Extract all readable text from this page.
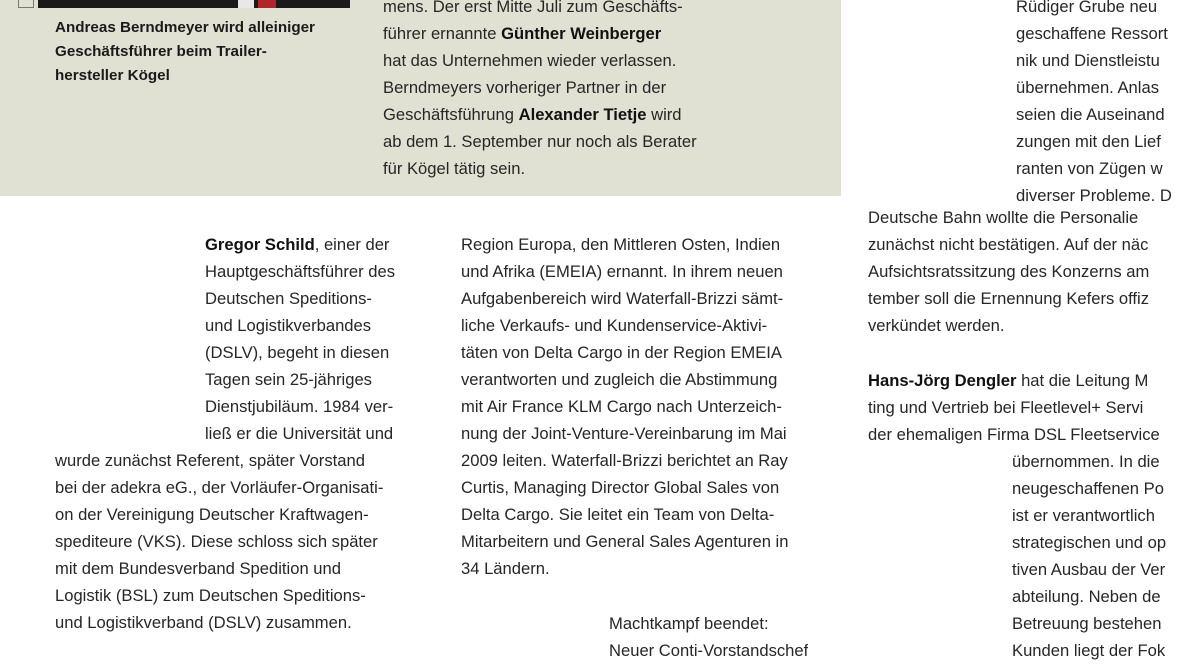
Andreas Berndmeyer wird alleiniger
Geschäftsführer beim Trailer-
hersteller Kögel
mens. Der erst Mitte Juli zum Geschäfts-
führer ernannte Günther Weinberger
hat das Unternehmen wieder verlassen.
Berndmeyers vorheriger Partner in der
Geschäftsführung Alexander Tietje wird
ab dem 1. September nur noch als Berater
für Kögel tätig sein.
Rüdiger Grube neu
geschaffene Ressort
nik und Dienstleistu
übernehmen. Anlas
seien die Auseinand
zungen mit den Lief
ranten von Zügen w
diverser Probleme. D
Deutsche Bahn wollte die Personalie
zunächst nicht bestätigen. Auf der näc
Aufsichtsratssitzung des Konzerns am
tember soll die Ernennung Kefers offiz
verkündet werden.
Gregor Schild, einer der
Hauptgeschäftsführer des
Deutschen Speditions-
und Logistikverbandes
(DSLV), begeht in diesen
Tagen sein 25-jähriges
Dienstjubiläum. 1984 ver-
ließ er die Universität und
wurde zunächst Referent, später Vorstand
bei der adekra eG., der Vorläufer-Organisati-
on der Vereinigung Deutscher Kraftwagen-
spediteure (VKS). Diese schloss sich später
mit dem Bundesverband Spedition und
Logistik (BSL) zum Deutschen Speditions-
und Logistikverband (DSLV) zusammen.
Region Europa, den Mittleren Osten, Indien
und Afrika (EMEIA) ernannt. In ihrem neuen
Aufgabenbereich wird Waterfall-Brizzi sämt-
liche Verkaufs- und Kundenservice-Aktivi-
täten von Delta Cargo in der Region EMEIA
verantworten und zugleich die Abstimmung
mit Air France KLM Cargo nach Unterzeich-
nung der Joint-Venture-Vereinbarung im Mai
2009 leiten. Waterfall-Brizzi berichtet an Ray
Curtis, Managing Director Global Sales von
Delta Cargo. Sie leitet ein Team von Delta-
Mitarbeitern und General Sales Agenturen in
34 Ländern.
Machtkampf beendet:
Neuer Conti-Vorstandschef
Hans-Jörg Dengler hat die Leitung M
ting und Vertrieb bei Fleetlevel+ Servi
der ehemaligen Firma DSL Fleetservice
übernommen. In die
neugeschaffenen Po
ist er verantwortlich
strategischen und op
tiven Ausbau der Ver
abteilung. Neben de
Betreuung bestehen
Kunden liegt der Fok
